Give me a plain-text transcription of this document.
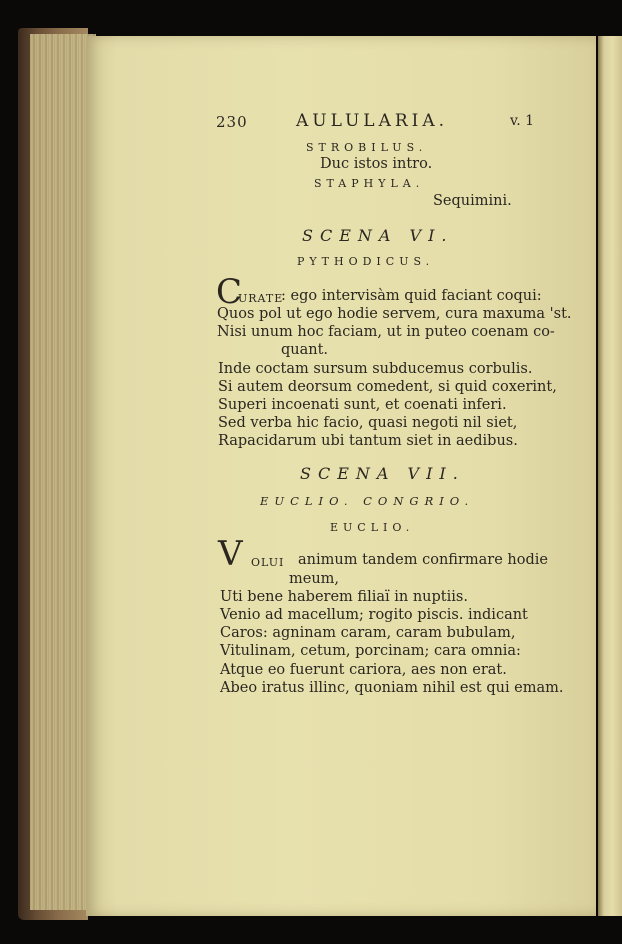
230	AULULARIA.	v. 1
STROBILUS.
Duc istos intro.
STAPHYLA.
Sequimini.
SCENA VI.
PYTHODICUS.
C
URATE
: ego intervisàm quid faciant coqui:
Quos pol ut ego hodie servem, cura maxuma 'st.
Nisi unum hoc faciam, ut in puteo coenam co-
quant.
Inde coctam sursum subducemus corbulis.
Si autem deorsum comedent, si quid coxerint,
Superi incoenati sunt, et coenati inferi.
Sed verba hic facio, quasi negoti nil siet,
Rapacidarum ubi tantum siet in aedibus.
SCENA VII.
EUCLIO. CONGRIO.
EUCLIO.
V OLUI animum tandem confirmare hodie
meum,
Uti bene haberem filiaï in nuptiis.
Venio ad macellum; rogito piscis. indicant
Caros: agninam caram, caram bubulam,
Vitulinam, cetum, porcinam; cara omnia:
Atque eo fuerunt cariora, aes non erat.
Abeo iratus illinc, quoniam nihil est qui emam.
